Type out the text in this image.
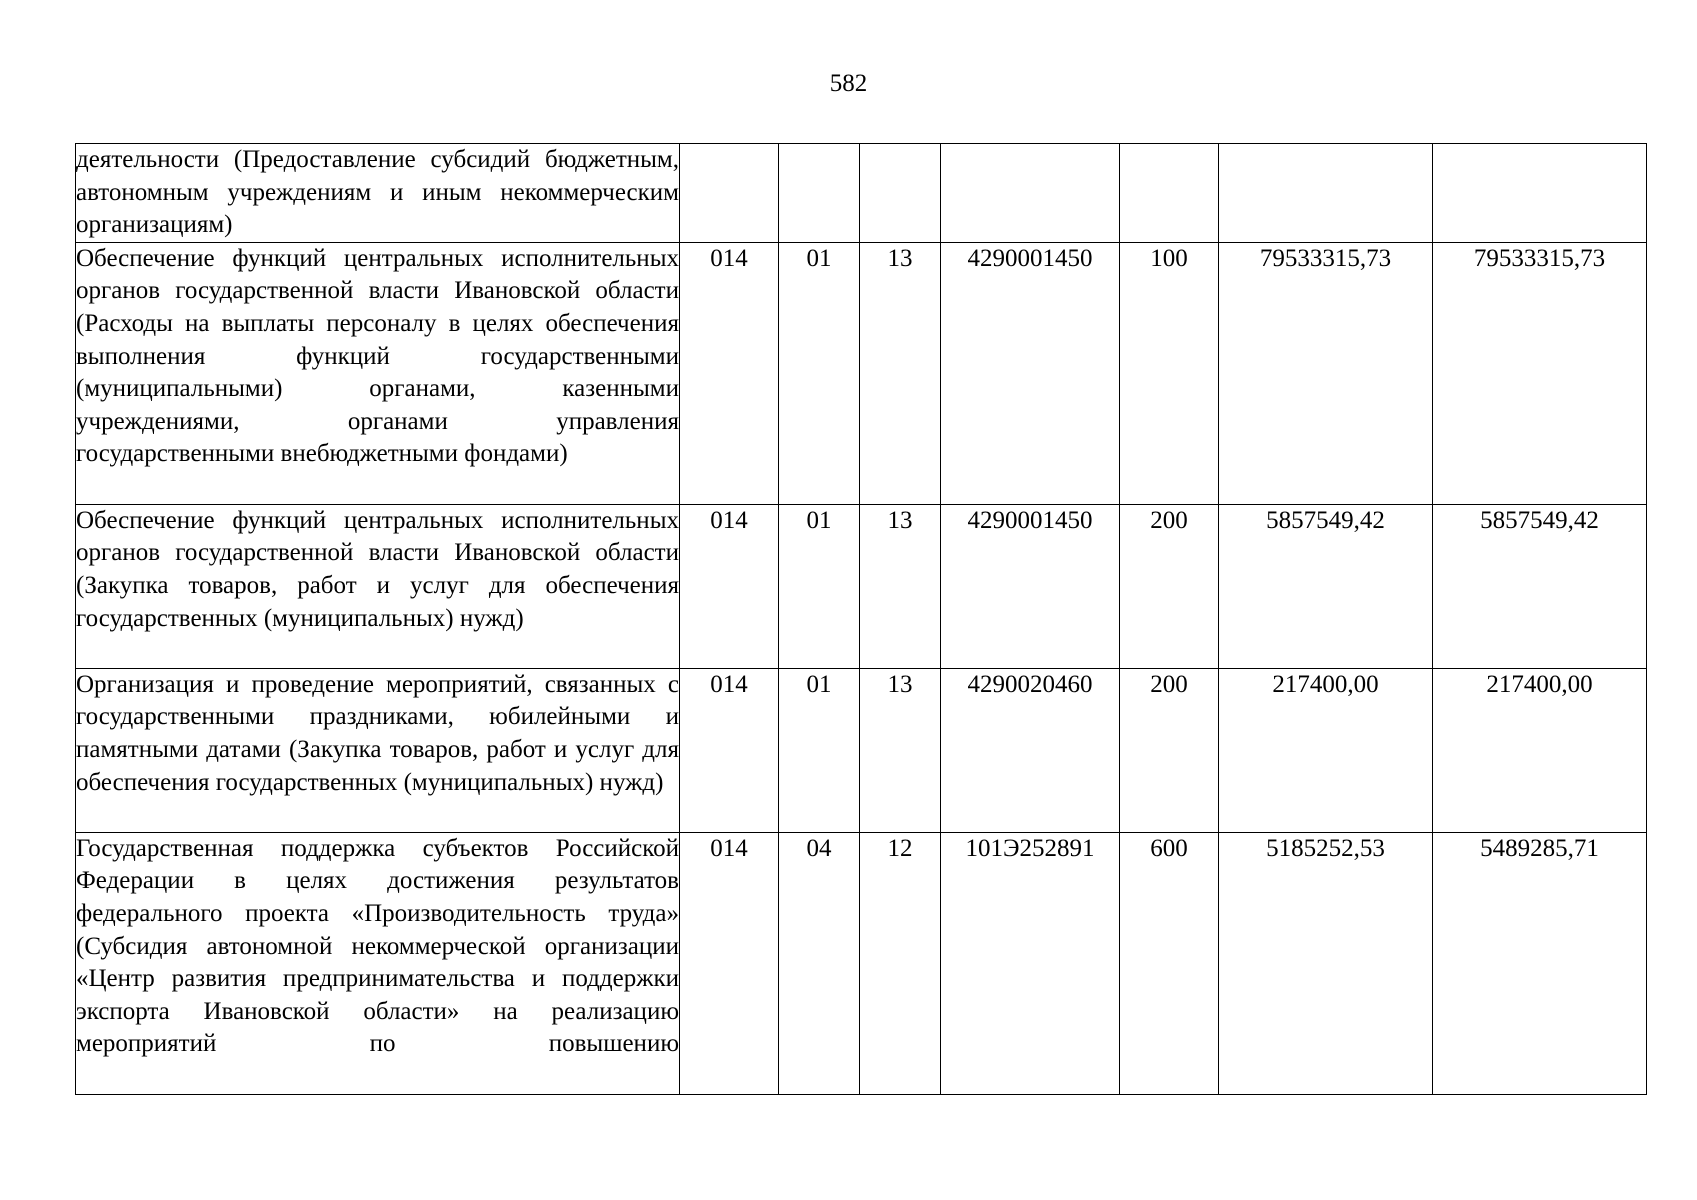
582
деятельности (Предоставление субсидий бюджетным, автономным учреждениям и иным некоммерческим организациям)							
Обеспечение функций центральных исполнительных органов государственной власти Ивановской области (Расходы на выплаты персоналу в целях обеспечения выполнения функций государственными (муниципальными) органами, казенными учреждениями, органами управления государственными внебюджетными фондами)	014	01	13	4290001450	100	79533315,73	79533315,73
Обеспечение функций центральных исполнительных органов государственной власти Ивановской области (Закупка товаров, работ и услуг для обеспечения государственных (муниципальных) нужд)	014	01	13	4290001450	200	5857549,42	5857549,42
Организация и проведение мероприятий, связанных с государственными праздниками, юбилейными и памятными датами (Закупка товаров, работ и услуг для обеспечения государственных (муниципальных) нужд)	014	01	13	4290020460	200	217400,00	217400,00
Государственная поддержка субъектов Российской Федерации в целях достижения результатов федерального проекта «Производительность труда» (Субсидия автономной некоммерческой организации «Центр развития предпринимательства и поддержки экспорта Ивановской области» на реализацию мероприятий по повышению	014	04	12	101Э252891	600	5185252,53	5489285,71
